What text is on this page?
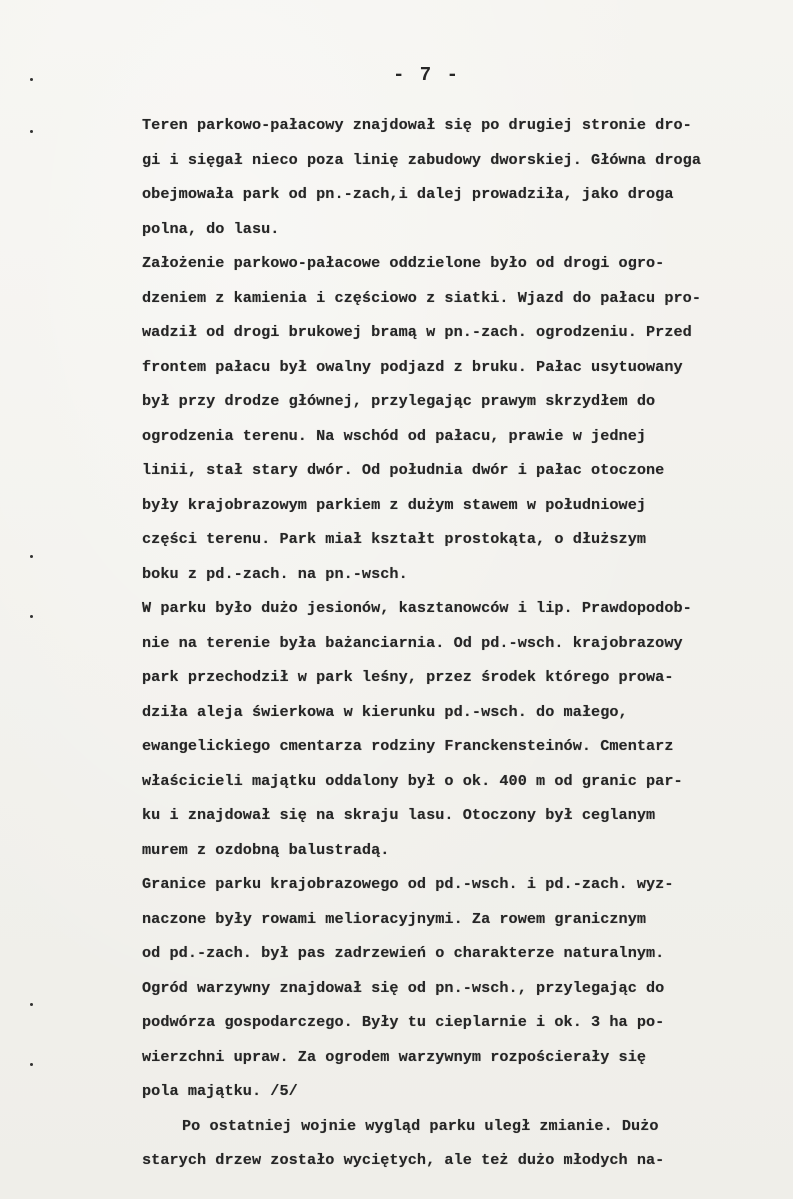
- 7 -
Teren parkowo-pałacowy znajdował się po drugiej stronie dro-
gi i sięgał nieco poza linię zabudowy dworskiej. Główna droga
obejmowała park od pn.-zach,i dalej prowadziła, jako droga
polna, do lasu.
Założenie parkowo-pałacowe oddzielone było od drogi ogro-
dzeniem z kamienia i częściowo z siatki. Wjazd do pałacu pro-
wadził od drogi brukowej bramą w pn.-zach. ogrodzeniu. Przed
frontem pałacu był owalny podjazd z bruku. Pałac usytuowany
był przy drodze głównej, przylegając prawym skrzydłem do
ogrodzenia terenu. Na wschód od pałacu, prawie w jednej
linii, stał stary dwór. Od południa dwór i pałac otoczone
były krajobrazowym parkiem z dużym stawem w południowej
części terenu. Park miał kształt prostokąta, o dłuższym
boku z pd.-zach. na pn.-wsch.
W parku było dużo jesionów, kasztanowców i lip. Prawdopodob-
nie na terenie była bażanciarnia. Od pd.-wsch. krajobrazowy
park przechodził w park leśny, przez środek którego prowa-
dziła aleja świerkowa w kierunku pd.-wsch. do małego,
ewangelickiego cmentarza rodziny Franckensteinów. Cmentarz
właścicieli majątku oddalony był o ok. 400 m od granic par-
ku i znajdował się na skraju lasu. Otoczony był ceglanym
murem z ozdobną balustradą.
Granice parku krajobrazowego od pd.-wsch. i pd.-zach. wyz-
naczone były rowami melioracyjnymi. Za rowem granicznym
od pd.-zach. był pas zadrzewień o charakterze naturalnym.
Ogród warzywny znajdował się od pn.-wsch., przylegając do
podwórza gospodarczego. Były tu cieplarnie i ok. 3 ha po-
wierzchni upraw. Za ogrodem warzywnym rozpościerały się
pola majątku. /5/
Po ostatniej wojnie wygląd parku uległ zmianie. Dużo
starych drzew zostało wyciętych, ale też dużo młodych na-
